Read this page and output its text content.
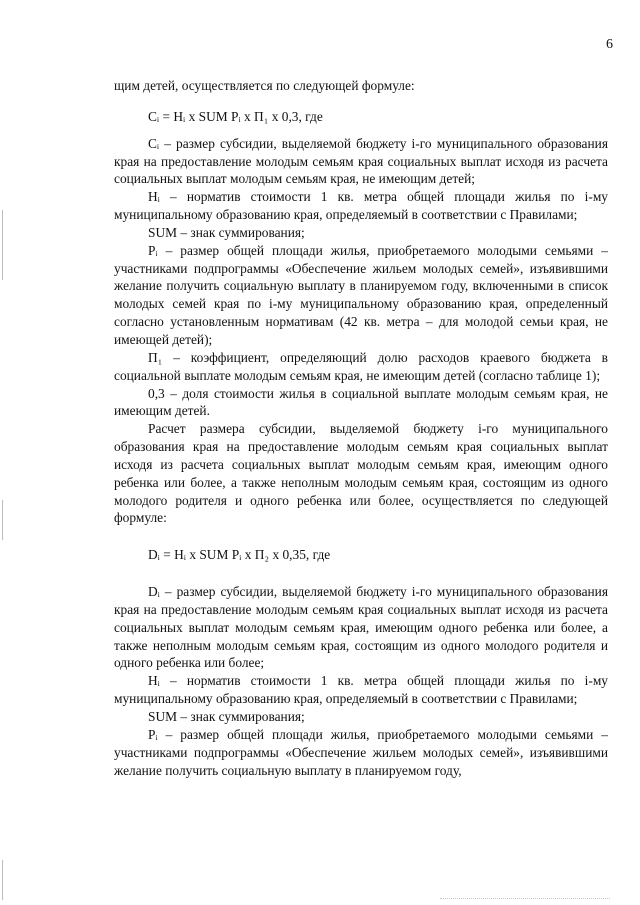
6

щим детей, осуществляется по следующей формуле:

Cᵢ = Hᵢ x SUM Pᵢ x П₁ x 0,3, где

Cᵢ – размер субсидии, выделяемой бюджету i-го муниципального образования края на предоставление молодым семьям края социальных выплат исходя из расчета социальных выплат молодым семьям края, не имеющим детей;

Hᵢ – норматив стоимости 1 кв. метра общей площади жилья по i-му муниципальному образованию края, определяемый в соответствии с Правилами;

SUM – знак суммирования;

Pᵢ – размер общей площади жилья, приобретаемого молодыми семьями – участниками подпрограммы «Обеспечение жильем молодых семей», изъявившими желание получить социальную выплату в планируемом году, включенными в список молодых семей края по i-му муниципальному образованию края, определенный согласно установленным нормативам (42 кв. метра – для молодой семьи края, не имеющей детей);

П₁ – коэффициент, определяющий долю расходов краевого бюджета в социальной выплате молодым семьям края, не имеющим детей (согласно таблице 1);

0,3 – доля стоимости жилья в социальной выплате молодым семьям края, не имеющим детей.

Расчет размера субсидии, выделяемой бюджету i-го муниципального образования края на предоставление молодым семьям края социальных выплат исходя из расчета социальных выплат молодым семьям края, имеющим одного ребенка или более, а также неполным молодым семьям края, состоящим из одного молодого родителя и одного ребенка или более, осуществляется по следующей формуле:

Dᵢ = Hᵢ x SUM Pᵢ x П₂ x 0,35, где

Dᵢ – размер субсидии, выделяемой бюджету i-го муниципального образования края на предоставление молодым семьям края социальных выплат исходя из расчета социальных выплат молодым семьям края, имеющим одного ребенка или более, а также неполным молодым семьям края, состоящим из одного молодого родителя и одного ребенка или более;

Hᵢ – норматив стоимости 1 кв. метра общей площади жилья по i-му муниципальному образованию края, определяемый в соответствии с Правилами;

SUM – знак суммирования;

Pᵢ – размер общей площади жилья, приобретаемого молодыми семьями – участниками подпрограммы «Обеспечение жильем молодых семей», изъявившими желание получить социальную выплату в планируемом году,
